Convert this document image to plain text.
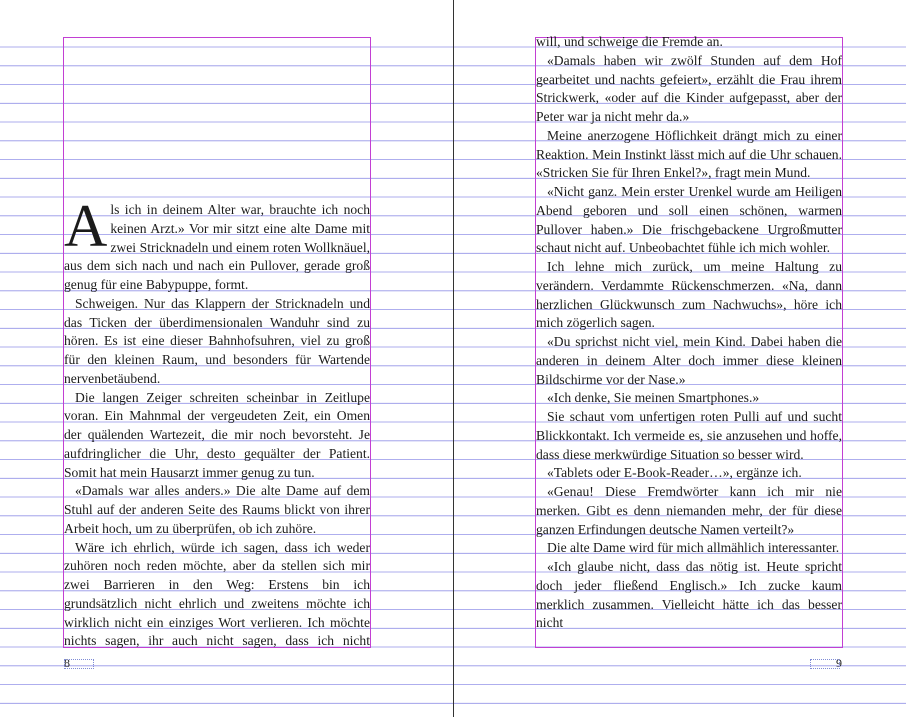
Als ich in deinem Alter war, brauchte ich noch keinen Arzt.» Vor mir sitzt eine alte Dame mit zwei Stricknadeln und einem roten Wollknäuel, aus dem sich nach und nach ein Pullover, gerade groß genug für eine Babypuppe, formt.

Schweigen. Nur das Klappern der Stricknadeln und das Ticken der überdimensionalen Wanduhr sind zu hören. Es ist eine dieser Bahnhofsuhren, viel zu groß für den kleinen Raum, und besonders für Wartende nervenbetäubend.

Die langen Zeiger schreiten scheinbar in Zeitlupe voran. Ein Mahnmal der vergeudeten Zeit, ein Omen der quälenden Wartezeit, die mir noch bevorsteht. Je aufdringlicher die Uhr, desto gequälter der Patient. Somit hat mein Hausarzt immer genug zu tun.

«Damals war alles anders.» Die alte Dame auf dem Stuhl auf der anderen Seite des Raums blickt von ihrer Arbeit hoch, um zu überprüfen, ob ich zuhöre.

Wäre ich ehrlich, würde ich sagen, dass ich weder zuhören noch reden möchte, aber da stellen sich mir zwei Barrieren in den Weg: Erstens bin ich grundsätzlich nicht ehrlich und zweitens möchte ich wirklich nicht ein einziges Wort verlieren. Ich möchte nichts sagen, ihr auch nicht sagen, dass ich nicht

8

will, und schweige die Fremde an.

«Damals haben wir zwölf Stunden auf dem Hof gearbeitet und nachts gefeiert», erzählt die Frau ihrem Strickwerk, «oder auf die Kinder aufgepasst, aber der Peter war ja nicht mehr da.»

Meine anerzogene Höflichkeit drängt mich zu einer Reaktion. Mein Instinkt lässt mich auf die Uhr schauen. «Stricken Sie für Ihren Enkel?», fragt mein Mund.

«Nicht ganz. Mein erster Urenkel wurde am Heiligen Abend geboren und soll einen schönen, warmen Pullover haben.» Die frischgebackene Urgroßmutter schaut nicht auf. Unbeobachtet fühle ich mich wohler.

Ich lehne mich zurück, um meine Haltung zu verändern. Verdammte Rückenschmerzen. «Na, dann herzlichen Glückwunsch zum Nachwuchs», höre ich mich zögerlich sagen.

«Du sprichst nicht viel, mein Kind. Dabei haben die anderen in deinem Alter doch immer diese kleinen Bildschirme vor der Nase.»

«Ich denke, Sie meinen Smartphones.»

Sie schaut vom unfertigen roten Pulli auf und sucht Blickkontakt. Ich vermeide es, sie anzusehen und hoffe, dass diese merkwürdige Situation so besser wird.

«Tablets oder E-Book-Reader…», ergänze ich.

«Genau! Diese Fremdwörter kann ich mir nie merken. Gibt es denn niemanden mehr, der für diese ganzen Erfindungen deutsche Namen verteilt?»

Die alte Dame wird für mich allmählich interessanter.

«Ich glaube nicht, dass das nötig ist. Heute spricht doch jeder fließend Englisch.» Ich zucke kaum merklich zusammen. Vielleicht hätte ich das besser nicht

9
